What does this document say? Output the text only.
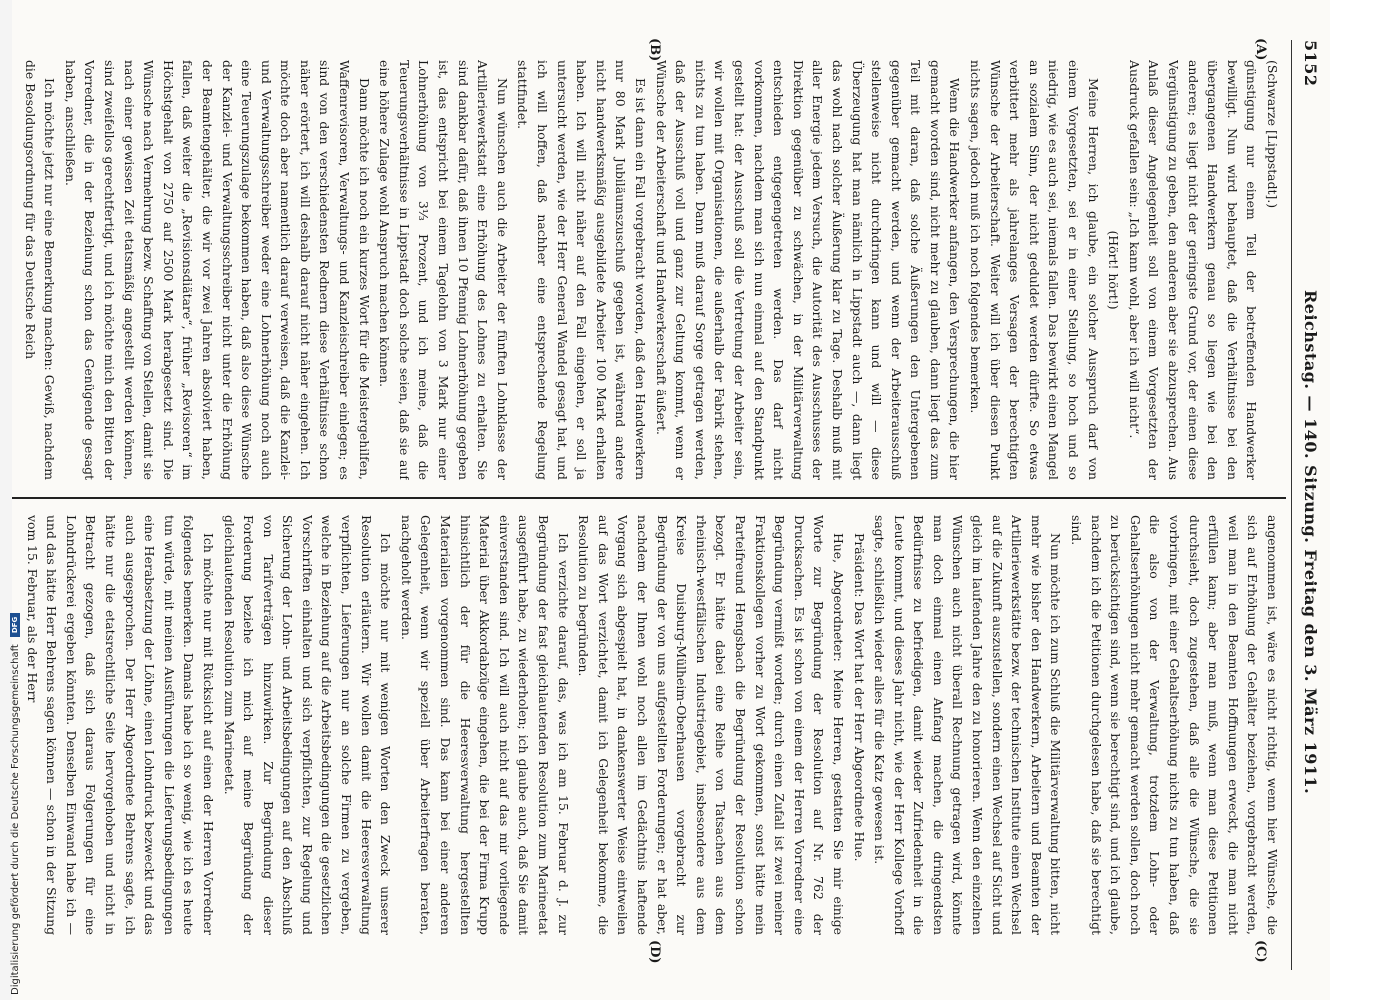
5152
Reichstag. — 140. Sitzung. Freitag den 3. März 1911.
(A)
(B)
(C)
(D)

(Schwarze [Lippstadt].)

günstigung nur einem Teil der betreffenden Handwerker bewilligt. Nun wird behauptet, daß die Verhältnisse bei den übergangenen Handwerkern genau so liegen wie bei den anderen; es liegt nicht der geringste Grund vor, der einen diese Vergünstigung zu geben, den anderen aber sie abzusprechen. Aus Anlaß dieser Angelegenheit soll von einem Vorgesetzten der Ausdruck gefallen sein: „Ich kann wohl, aber ich will nicht“.

(Hört! hört!)

Meine Herren, ich glaube, ein solcher Ausspruch darf von einem Vorgesetzten, sei er in einer Stellung, so hoch und so niedrig, wie es auch sei, niemals fallen. Das bewirkt einen Mangel an sozialem Sinn, der nicht geduldet werden dürfte. So etwas verbittert mehr als jahrelanges Versagen der berechtigten Wünsche der Arbeiterschaft. Weiter will ich über diesen Punkt nichts sagen, jedoch muß ich noch folgendes bemerken.

Wenn die Handwerker anfangen, den Versprechungen, die hier gemacht worden sind, nicht mehr zu glauben, dann liegt das zum Teil mit daran, daß solche Äußerungen den Untergebenen gegenüber gemacht werden, und wenn der Arbeiterausschuß stellenweise nicht durchdringen kann und will — diese Überzeugung hat man nämlich in Lippstadt auch —, dann liegt das wohl nach solcher Äußerung klar zu Tage. Deshalb muß mit aller Energie jedem Versuch, die Autorität des Ausschusses der Direktion gegenüber zu schwächen, in der Militärverwaltung entschieden entgegengetreten werden. Das darf nicht vorkommen, nachdem man sich nun einmal auf den Standpunkt gestellt hat: der Ausschuß soll die Vertretung der Arbeiter sein, wir wollen mit Organisationen, die außerhalb der Fabrik stehen, nichts zu tun haben. Dann muß darauf Sorge getragen werden, daß der Ausschuß voll und ganz zur Geltung kommt, wenn er Wünsche der Arbeiterschaft und Handwerkerschaft äußert.

Es ist dann ein Fall vorgebracht worden, daß den Handwerkern nur 80 Mark Jubiläumszuschuß gegeben ist, während andere nicht handwerksmäßig ausgebildete Arbeiter 100 Mark erhalten haben. Ich will nicht näher auf den Fall eingehen, er soll ja untersucht werden, wie der Herr General Wandel gesagt hat, und ich will hoffen, daß nachher eine entsprechende Regelung stattfindet.

Nun wünschen auch die Arbeiter der fünften Lohnklasse der Artilleriewerkstatt eine Erhöhung des Lohnes zu erhalten. Sie sind dankbar dafür, daß ihnen 10 Pfennig Lohnerhöhung gegeben ist, das entspricht bei einem Tagelohn von 3 Mark nur einer Lohnerhöhung von 3⅓ Prozent, und ich meine, daß die Teuerungsverhältnisse in Lippstadt doch solche seien, daß sie auf eine höhere Zulage wohl Anspruch machen können.

Dann möchte ich noch ein kurzes Wort für die Meistergehilfen, Waffenrevisoren, Verwaltungs- und Kanzleischreiber einlegen; es sind von den verschiedensten Rednern diese Verhältnisse schon näher erörtert, ich will deshalb darauf nicht näher eingehen. Ich möchte doch aber namentlich darauf verweisen, daß die Kanzlei- und Verwaltungsschreiber weder eine Lohnerhöhung noch auch eine Teuerungszulage bekommen haben, daß also diese Wünsche der Kanzlei- und Verwaltungsschreiber nicht unter die Erhöhung der Beamtengehälter, die wir vor zwei Jahren absolviert haben, fallen, daß weiter die „Revisionsdiätare“, früher „Revisoren“ im Höchstgehalt von 2750 auf 2500 Mark herabgesetzt sind. Die Wünsche nach Vermehrung bezw. Schaffung von Stellen, damit sie nach einer gewissen Zeit etatsmäßig angestellt werden können, sind zweifellos gerechtfertigt, und ich möchte mich den Bitten der Vorredner, die in der Beziehung schon das Genügende gesagt haben, anschließen.

Ich möchte jetzt nur eine Bemerkung machen: Gewiß, nachdem die Besoldungsordnung für das Deutsche Reich

angenommen ist, wäre es nicht richtig, wenn hier Wünsche, die sich auf Erhöhung der Gehälter beziehen, vorgebracht werden, weil man in den Beamten Hoffnungen erweckt, die man nicht erfüllen kann; aber man muß, wenn man diese Petitionen durchsieht, doch zugestehen, daß alle die Wünsche, die sie vorbringen, mit einer Gehaltserhöhung nichts zu tun haben, daß die also von der Verwaltung, trotzdem Lohn- oder Gehaltserhöhungen nicht mehr gemacht werden sollen, doch noch zu berücksichtigen sind, wenn sie berechtigt sind, und ich glaube, nachdem ich die Petitionen durchgelesen habe, daß sie berechtigt sind.

Nun möchte ich zum Schluß die Militärverwaltung bitten, nicht mehr wie bisher den Handwerkern, Arbeitern und Beamten der Artilleriewerkstätte bezw. der technischen Institute einen Wechsel auf die Zukunft auszustellen, sondern einen Wechsel auf Sicht und gleich im laufenden Jahre den zu honorieren. Wenn den einzelnen Wünschen auch nicht überall Rechnung getragen wird, könnte man doch einmal einen Anfang machen, die dringendsten Bedürfnisse zu befriedigen, damit wieder Zufriedenheit in die Leute kommt, und dieses Jahr nicht, wie der Herr Kollege Vorhoff sagte, schließlich wieder alles für die Katz gewesen ist.

Präsident: Das Wort hat der Herr Abgeordnete Hue.

Hue, Abgeordneter: Meine Herren, gestatten Sie mir einige Worte zur Begründung der Resolution auf Nr. 762 der Drucksachen. Es ist schon von einem der Herren Vorredner eine Begründung vermißt worden; durch einen Zufall ist zwei meiner Fraktionskollegen vorher zu Wort gekommen, sonst hätte mein Parteifreund Hengsbach die Begründung der Resolution schon bezogt. Er hätte dabei eine Reihe von Tatsachen aus dem rheinisch-westfälischen Industriegebiet, insbesondere aus dem Kreise Duisburg-Mülheim-Oberhausen vorgebracht zur Begründung der von uns aufgestellten Forderungen; er hat aber, nachdem der Ihnen wohl noch allen im Gedächtnis haftende Vorgang sich abgespielt hat, in dankenswerter Weise eintweilen auf das Wort verzichtet, damit ich Gelegenheit bekomme, die Resolution zu begründen.

Ich verzichte darauf, das, was ich am 15. Februar d. J. zur Begründung der fast gleichlautenden Resolution zum Marineetat ausgeführt habe, zu wiederholen; ich glaube auch, daß Sie damit einverstanden sind. Ich will auch nicht auf das mir vorliegende Material über Akkordabzüge eingehen, die bei der Firma Krupp hinsichtlich der für die Heeresverwaltung hergestellten Materialien vorgenommen sind. Das kann bei einer anderen Gelegenheit, wenn wir speziell über Arbeiterfragen beraten, nachgeholt werden.

Ich möchte nur mit wenigen Worten den Zweck unserer Resolution erläutern. Wir wollen damit die Heeresverwaltung verpflichten, Lieferungen nur an solche Firmen zu vergeben, welche in Beziehung auf die Arbeitsbedingungen die gesetzlichen Vorschriften einhalten und sich verpflichten, zur Regelung und Sicherung der Lohn- und Arbeitsbedingungen auf den Abschluß von Tarifverträgen hinzuwirken. Zur Begründung dieser Forderung beziehe ich mich auf meine Begründung der gleichlautenden Resolution zum Marineetat.

Ich möchte nur mit Rücksicht auf einen der Herren Vorredner folgendes bemerken. Damals habe ich so wenig, wie ich es heute tun würde, mit meinen Ausführungen die Lieferungsbedingungen eine Herabsetzung der Löhne, einen Lohndruck bezweckt und das auch ausgesprochen. Der Herr Abgeordnete Behrens sagte, ich hätte nur die etatsrechtliche Seite hervorgehoben und nicht in Betracht gezogen, daß sich daraus Folgerungen für eine Lohndrückerei ergeben könnten. Denselben Einwand habe ich — und das hätte Herr Behrens sagen können — schon in der Sitzung vom 15. Februar, als der Herr

Digitalisierung gefördert durch die Deutsche Forschungsgemeinschaft DFG
